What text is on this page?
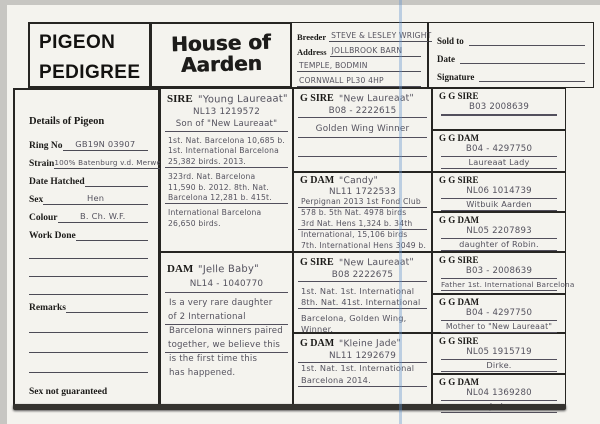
PIGEON
PEDIGREE
House of
Aarden
Breeder STEVE & LESLEY WRIGHT
Address JOLLBROOK BARN
TEMPLE, BODMIN
CORNWALL PL30 4HP
Sold to
Date
Signature
Details of Pigeon
Ring No	GB19N 03907
Strain 100% Batenburg v.d. Merwe
Date Hatched
Sex	Hen
Colour	B. Ch. W.F.
Work Done
Remarks
Sex not guaranteed
SIRE "Young Laureaat"
NL13 1219572
Son of "New Laureaat"
1st. Nat. Barcelona 10,685 b.
1st. International Barcelona
25,382 birds. 2013.
323rd. Nat. Barcelona
11,590 b. 2012. 8th. Nat.
Barcelona 12,281 b. 415t.
International Barcelona
26,650 birds.
DAM "Jelle Baby"
NL14 - 1040770
Is a very rare daughter
of 2 International
Barcelona winners paired
together, we believe this
is the first time this
has happened.
G SIRE "New Laureaat"
B08 - 2222615
Golden Wing Winner
G DAM "Candy"
NL11 1722533
Perpignan 2013 1st Fond Club
578 b. 5th Nat. 4978 birds
3rd Nat. Hens 1,324 b. 34th
International, 15,106 birds
7th. International Hens 3049 b.
G SIRE "New Laureaat"
B08 2222675
1st. Nat. 1st. International
8th. Nat. 41st. International
Barcelona, Golden Wing,
Winner.
G DAM "Kleine Jade"
NL11 1292679
1st. Nat. 1st. International
Barcelona 2014.
G G SIRE
B03 2008639
G G DAM
B04 - 4297750
Laureaat Lady
G G SIRE
NL06 1014739
Witbuik Aarden
G G DAM
NL05 2207893
daughter of Robin.
G G SIRE
B03 - 2008639
Father 1st. International Barcelona
G G DAM
B04 - 4297750
Mother to "New Laureaat"
G G SIRE
NL05 1915719
Dirke.
G G DAM
NL04 1369280
